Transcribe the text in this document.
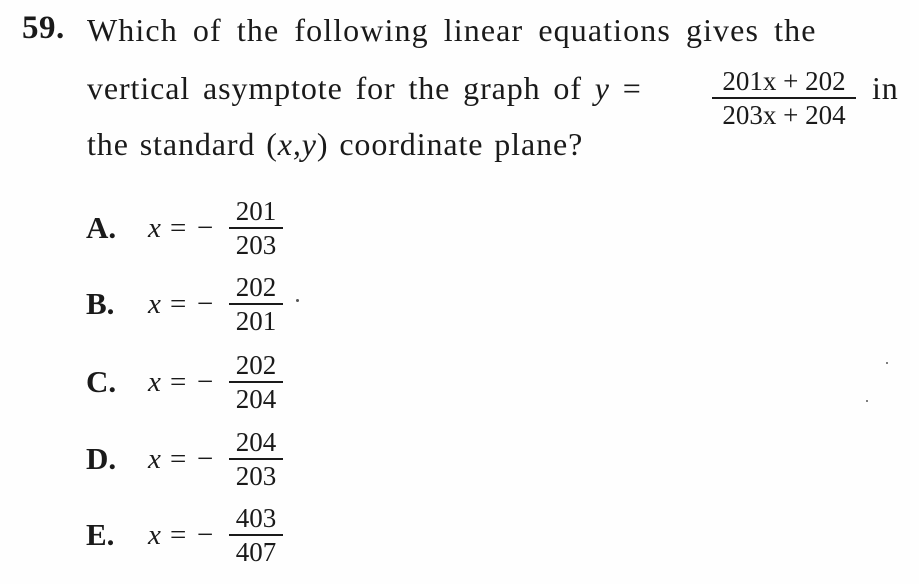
59. Which of the following linear equations gives the
vertical asymptote for the graph of y =	201x + 202
203x + 204
in
the standard (x,y) coordinate plane?
A. x = −
201
203
B. x = −
202
201
C. x = −
202
204
D. x = −
204
203
E. x = −
403
407
